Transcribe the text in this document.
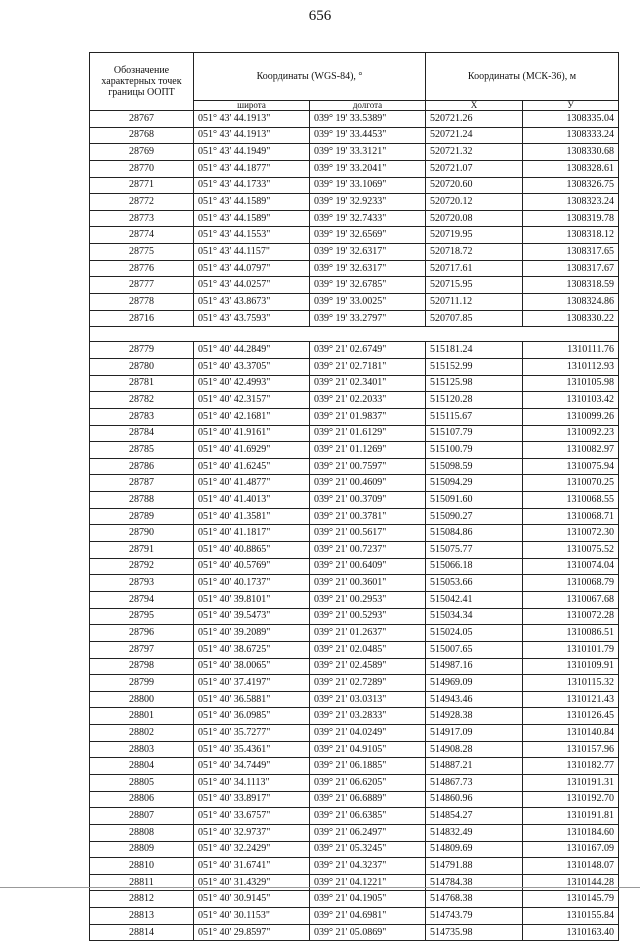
656
Обозначение характерных точек границы ООПТ	Координаты (WGS-84), °		Координаты (МСК-36), м	
	широта	долгота	Х	У
28767	051° 43' 44.1913"	039° 19' 33.5389"	520721.26	1308335.04
28768	051° 43' 44.1913"	039° 19' 33.4453"	520721.24	1308333.24
28769	051° 43' 44.1949"	039° 19' 33.3121"	520721.32	1308330.68
28770	051° 43' 44.1877"	039° 19' 33.2041"	520721.07	1308328.61
28771	051° 43' 44.1733"	039° 19' 33.1069"	520720.60	1308326.75
28772	051° 43' 44.1589"	039° 19' 32.9233"	520720.12	1308323.24
28773	051° 43' 44.1589"	039° 19' 32.7433"	520720.08	1308319.78
28774	051° 43' 44.1553"	039° 19' 32.6569"	520719.95	1308318.12
28775	051° 43' 44.1157"	039° 19' 32.6317"	520718.72	1308317.65
28776	051° 43' 44.0797"	039° 19' 32.6317"	520717.61	1308317.67
28777	051° 43' 44.0257"	039° 19' 32.6785"	520715.95	1308318.59
28778	051° 43' 43.8673"	039° 19' 33.0025"	520711.12	1308324.86
28716	051° 43' 43.7593"	039° 19' 33.2797"	520707.85	1308330.22

28779	051° 40' 44.2849"	039° 21' 02.6749"	515181.24	1310111.76
28780	051° 40' 43.3705"	039° 21' 02.7181"	515152.99	1310112.93
28781	051° 40' 42.4993"	039° 21' 02.3401"	515125.98	1310105.98
28782	051° 40' 42.3157"	039° 21' 02.2033"	515120.28	1310103.42
28783	051° 40' 42.1681"	039° 21' 01.9837"	515115.67	1310099.26
28784	051° 40' 41.9161"	039° 21' 01.6129"	515107.79	1310092.23
28785	051° 40' 41.6929"	039° 21' 01.1269"	515100.79	1310082.97
28786	051° 40' 41.6245"	039° 21' 00.7597"	515098.59	1310075.94
28787	051° 40' 41.4877"	039° 21' 00.4609"	515094.29	1310070.25
28788	051° 40' 41.4013"	039° 21' 00.3709"	515091.60	1310068.55
28789	051° 40' 41.3581"	039° 21' 00.3781"	515090.27	1310068.71
28790	051° 40' 41.1817"	039° 21' 00.5617"	515084.86	1310072.30
28791	051° 40' 40.8865"	039° 21' 00.7237"	515075.77	1310075.52
28792	051° 40' 40.5769"	039° 21' 00.6409"	515066.18	1310074.04
28793	051° 40' 40.1737"	039° 21' 00.3601"	515053.66	1310068.79
28794	051° 40' 39.8101"	039° 21' 00.2953"	515042.41	1310067.68
28795	051° 40' 39.5473"	039° 21' 00.5293"	515034.34	1310072.28
28796	051° 40' 39.2089"	039° 21' 01.2637"	515024.05	1310086.51
28797	051° 40' 38.6725"	039° 21' 02.0485"	515007.65	1310101.79
28798	051° 40' 38.0065"	039° 21' 02.4589"	514987.16	1310109.91
28799	051° 40' 37.4197"	039° 21' 02.7289"	514969.09	1310115.32
28800	051° 40' 36.5881"	039° 21' 03.0313"	514943.46	1310121.43
28801	051° 40' 36.0985"	039° 21' 03.2833"	514928.38	1310126.45
28802	051° 40' 35.7277"	039° 21' 04.0249"	514917.09	1310140.84
28803	051° 40' 35.4361"	039° 21' 04.9105"	514908.28	1310157.96
28804	051° 40' 34.7449"	039° 21' 06.1885"	514887.21	1310182.77
28805	051° 40' 34.1113"	039° 21' 06.6205"	514867.73	1310191.31
28806	051° 40' 33.8917"	039° 21' 06.6889"	514860.96	1310192.70
28807	051° 40' 33.6757"	039° 21' 06.6385"	514854.27	1310191.81
28808	051° 40' 32.9737"	039° 21' 06.2497"	514832.49	1310184.60
28809	051° 40' 32.2429"	039° 21' 05.3245"	514809.69	1310167.09
28810	051° 40' 31.6741"	039° 21' 04.3237"	514791.88	1310148.07
28811	051° 40' 31.4329"	039° 21' 04.1221"	514784.38	1310144.28
28812	051° 40' 30.9145"	039° 21' 04.1905"	514768.38	1310145.79
28813	051° 40' 30.1153"	039° 21' 04.6981"	514743.79	1310155.84
28814	051° 40' 29.8597"	039° 21' 05.0869"	514735.98	1310163.40
